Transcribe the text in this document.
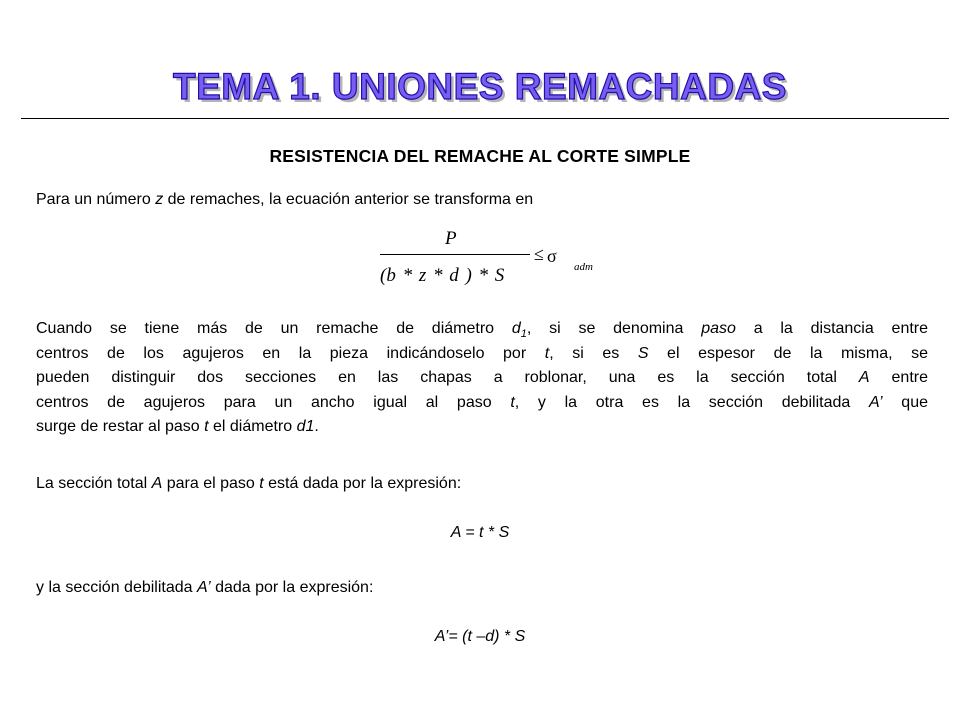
TEMA 1. UNIONES REMACHADAS
RESISTENCIA DEL REMACHE AL CORTE SIMPLE
Para un número z de remaches, la ecuación anterior se transforma en
P
(b * z * d ) * S
≤ σ
adm
Cuando se tiene más de un remache de diámetro $d_1$, si se denomina paso a la distancia entre
centros de los agujeros en la pieza indicándoselo por t, si es S el espesor de la misma, se
pueden distinguir dos secciones en las chapas a roblonar, una es la sección total A entre
centros de agujeros para un ancho igual al paso t, y la otra es la sección debilitada A’ que
surge de restar al paso t el diámetro d1.
La sección total A para el paso t está dada por la expresión:
A = t * S
y la sección debilitada A’ dada por la expresión:
A’= (t –d) * S
